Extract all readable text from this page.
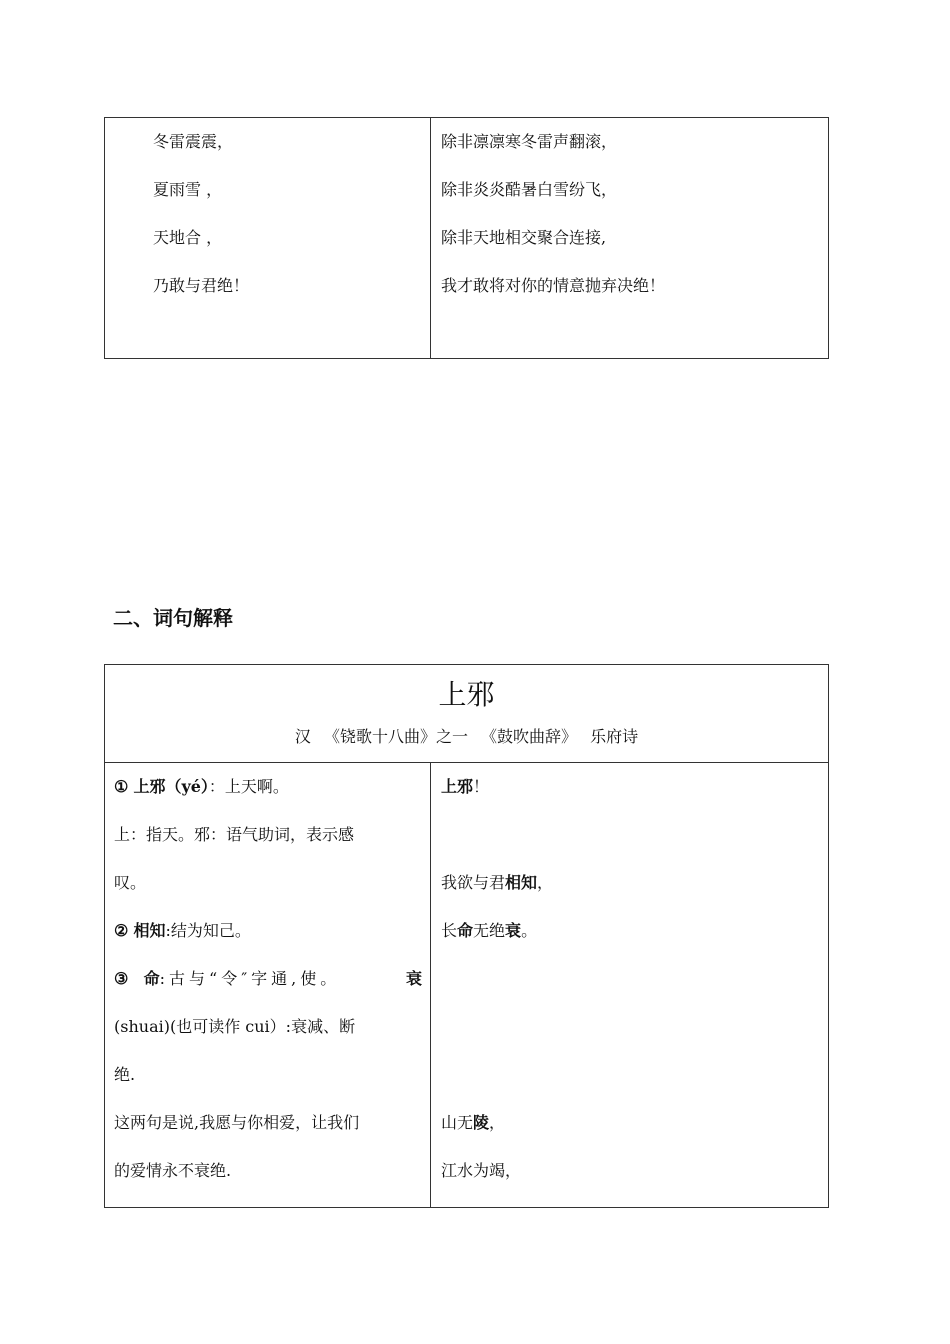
冬雷震震，
夏雨雪 ，
天地合 ，
乃敢与君绝！

除非凛凛寒冬雷声翻滚，
除非炎炎酷暑白雪纷飞，
除非天地相交聚合连接,
我才敢将对你的情意抛弃决绝！
二、词句解释
上邪
汉 《铙歌十八曲》之一 《鼓吹曲辞》 乐府诗

① 上邪（yé）：上天啊。
上：指天。邪：语气助词，表示感
叹。
② 相知:结为知己。
③ 命:古与“令″字通,使。	衰
(shuai)(也可读作 cui）:衰减、断
绝.
这两句是说,我愿与你相爱，让我们
的爱情永不衰绝.

上邪！
我欲与君相知，
长命无绝衰。
山无陵，
江水为竭，
